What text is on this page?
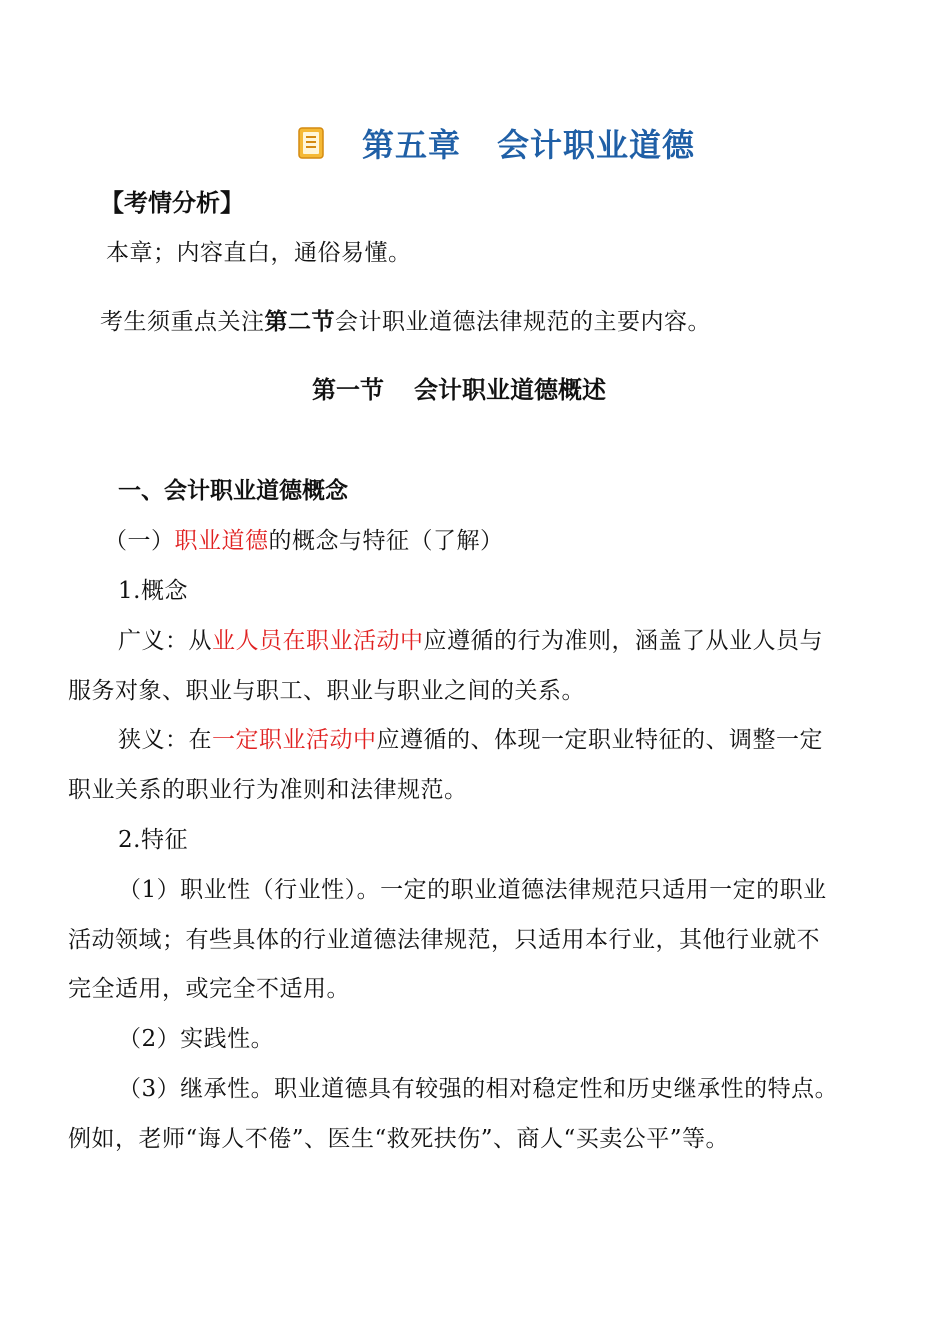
第五章 会计职业道德
【考情分析】
本章；内容直白，通俗易懂。
考生须重点关注第二节会计职业道德法律规范的主要内容。
第一节 会计职业道德概述
一、会计职业道德概念
（一）职业道德的概念与特征（了解）
1.概念
广义：从业人员在职业活动中应遵循的行为准则，涵盖了从业人员与
服务对象、职业与职工、职业与职业之间的关系。
狭义：在一定职业活动中应遵循的、体现一定职业特征的、调整一定
职业关系的职业行为准则和法律规范。
2.特征
（1）职业性（行业性）。一定的职业道德法律规范只适用一定的职业
活动领域；有些具体的行业道德法律规范，只适用本行业，其他行业就不
完全适用，或完全不适用。
（2）实践性。
（3）继承性。职业道德具有较强的相对稳定性和历史继承性的特点。
例如，老师“诲人不倦”、医生“救死扶伤”、商人“买卖公平”等。
